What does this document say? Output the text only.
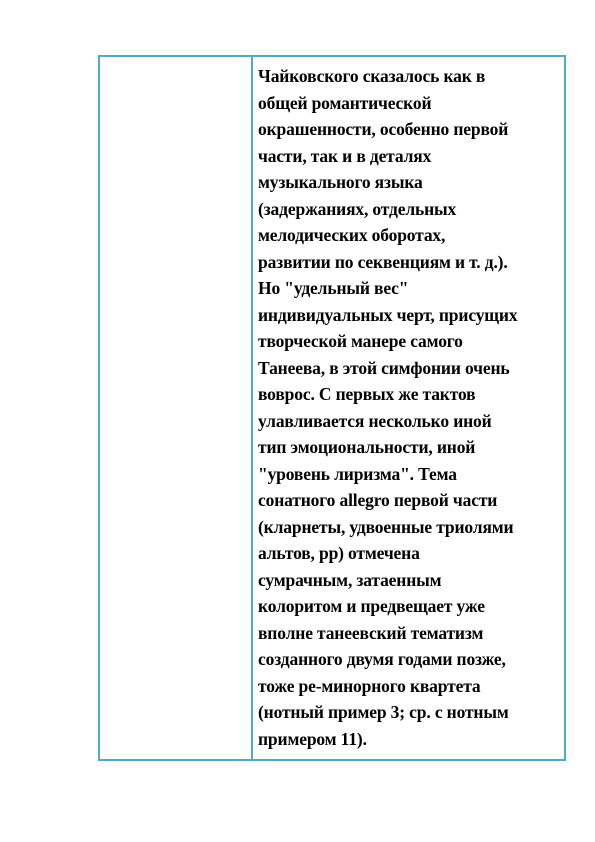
Чайковского сказалось как в
общей романтической
окрашенности, особенно первой
части, так и в деталях
музыкального языка
(задержаниях, отдельных
мелодических оборотах,
развитии по секвенциям и т. д.).
Но "удельный вес"
индивидуальных черт, присущих
творческой манере самого
Танеева, в этой симфонии очень
воврос. С первых же тактов
улавливается несколько иной
тип эмоциональности, иной
"уровень лиризма". Тема
сонатного allegro первой части
(кларнеты, удвоенные триолями
альтов, pp) отмечена
сумрачным, затаенным
колоритом и предвещает уже
вполне танеевский тематизм
созданного двумя годами позже,
тоже ре-минорного квартета
(нотный пример 3; ср. с нотным
примером 11).
